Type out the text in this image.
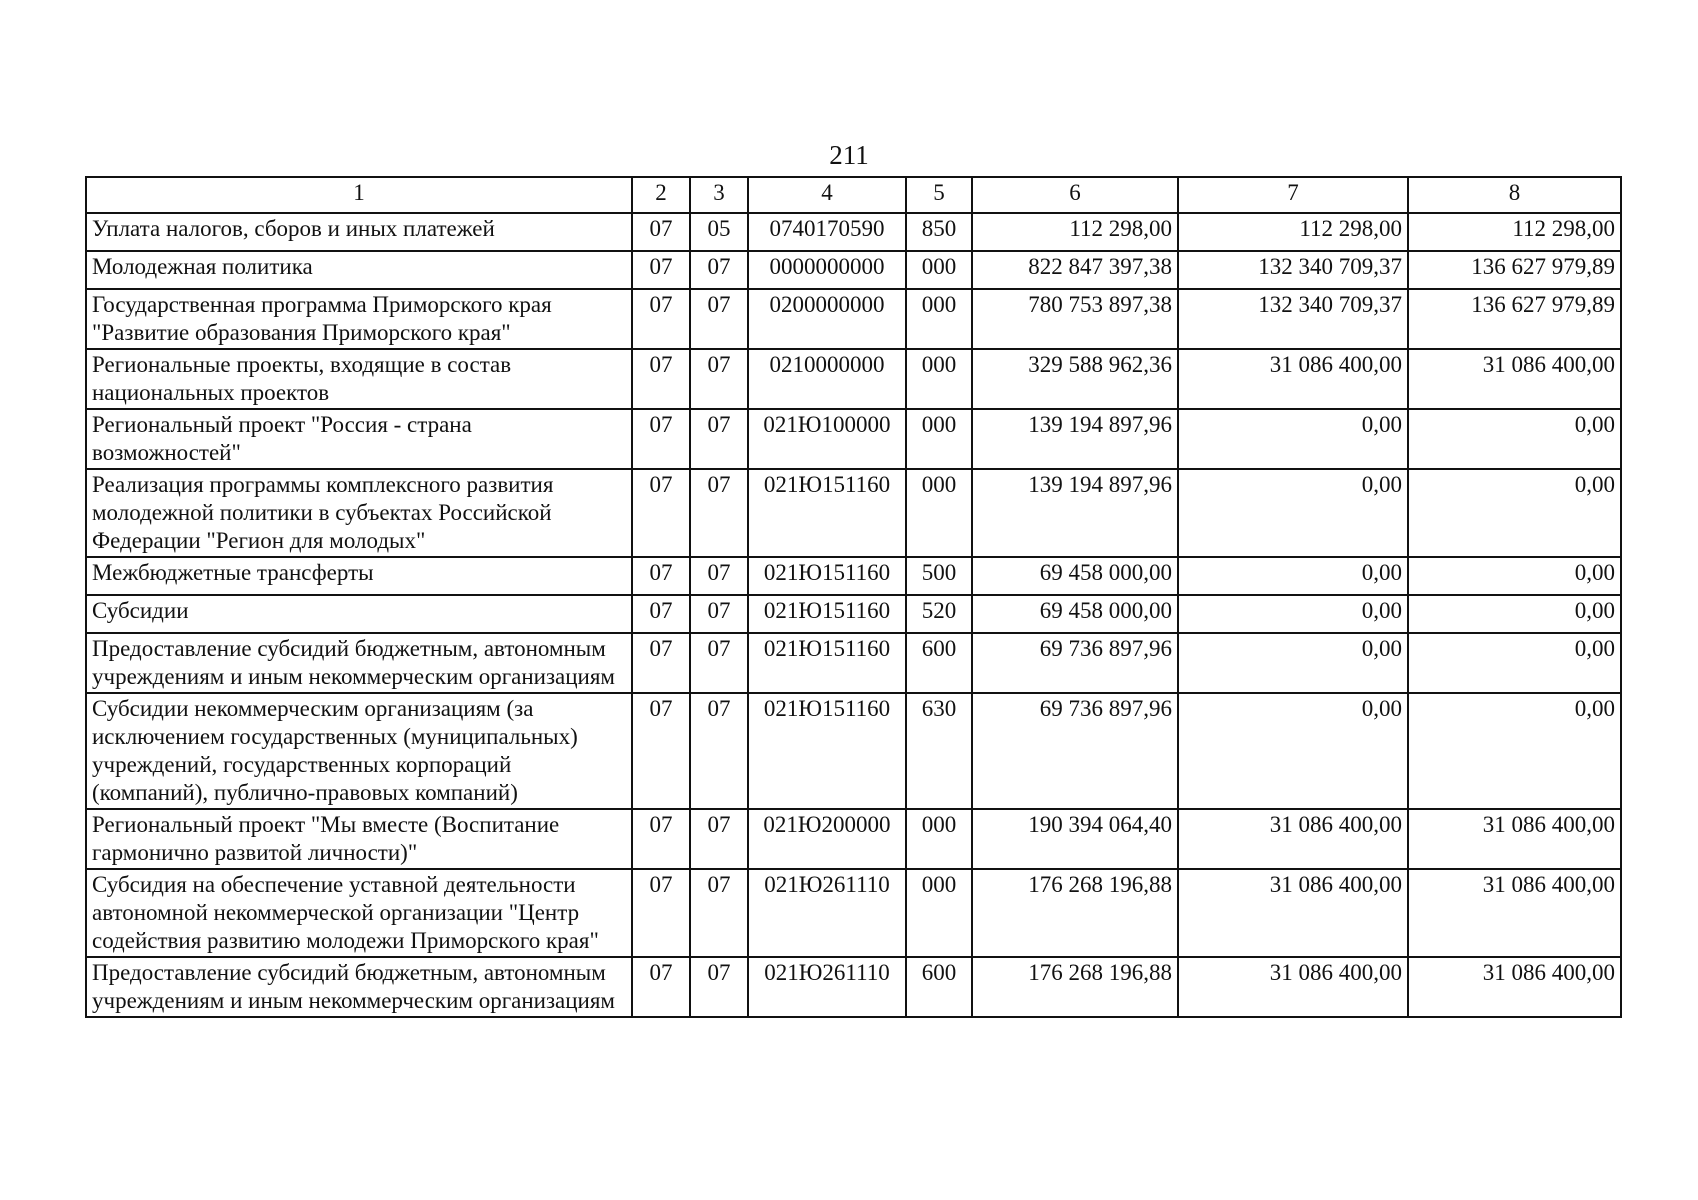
211
1	2	3	4	5	6	7	8
Уплата налогов, сборов и иных платежей	07	05	0740170590	850	112 298,00	112 298,00	112 298,00
Молодежная политика	07	07	0000000000	000	822 847 397,38	132 340 709,37	136 627 979,89
Государственная программа Приморского края "Развитие образования Приморского края"	07	07	0200000000	000	780 753 897,38	132 340 709,37	136 627 979,89
Региональные проекты, входящие в состав национальных проектов	07	07	0210000000	000	329 588 962,36	31 086 400,00	31 086 400,00
Региональный проект "Россия - страна возможностей"	07	07	021Ю100000	000	139 194 897,96	0,00	0,00
Реализация программы комплексного развития молодежной политики в субъектах Российской Федерации "Регион для молодых"	07	07	021Ю151160	000	139 194 897,96	0,00	0,00
Межбюджетные трансферты	07	07	021Ю151160	500	69 458 000,00	0,00	0,00
Субсидии	07	07	021Ю151160	520	69 458 000,00	0,00	0,00
Предоставление субсидий бюджетным, автономным учреждениям и иным некоммерческим организациям	07	07	021Ю151160	600	69 736 897,96	0,00	0,00
Субсидии некоммерческим организациям (за исключением государственных (муниципальных) учреждений, государственных корпораций (компаний), публично-правовых компаний)	07	07	021Ю151160	630	69 736 897,96	0,00	0,00
Региональный проект "Мы вместе (Воспитание гармонично развитой личности)"	07	07	021Ю200000	000	190 394 064,40	31 086 400,00	31 086 400,00
Субсидия на обеспечение уставной деятельности автономной некоммерческой организации "Центр содействия развитию молодежи Приморского края"	07	07	021Ю261110	000	176 268 196,88	31 086 400,00	31 086 400,00
Предоставление субсидий бюджетным, автономным учреждениям и иным некоммерческим организациям	07	07	021Ю261110	600	176 268 196,88	31 086 400,00	31 086 400,00
